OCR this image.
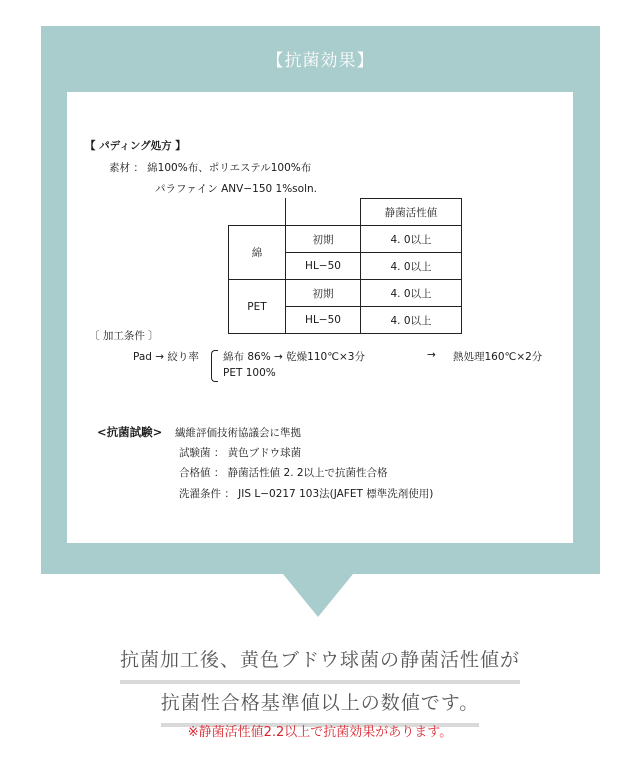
【抗菌効果】
【 パディング処方 】
素材 ： 綿100%布、ポリエステル100%布
パラファイン ANV−150 1%soln.
		静菌活性値
綿	初期	4. 0以上
	HL−50	4. 0以上
PET	初期	4. 0以上
	HL−50	4. 0以上
〔 加工条件 〕
Pad → 絞り率 綿布 86% → 乾燥110℃×3分	→ 熱処理160℃×2分
PET 100%
<抗菌試験> 繊維評価技術協議会に準拠
試験菌 ： 黄色ブドウ球菌
合格値 ： 静菌活性値 2. 2以上で抗菌性合格
洗濯条件 ： JIS L−0217 103法(JAFET 標準洗剤使用)
抗菌加工後、黄色ブドウ球菌の静菌活性値が
抗菌性合格基準値以上の数値です。
※静菌活性値2.2以上で抗菌効果があります。
